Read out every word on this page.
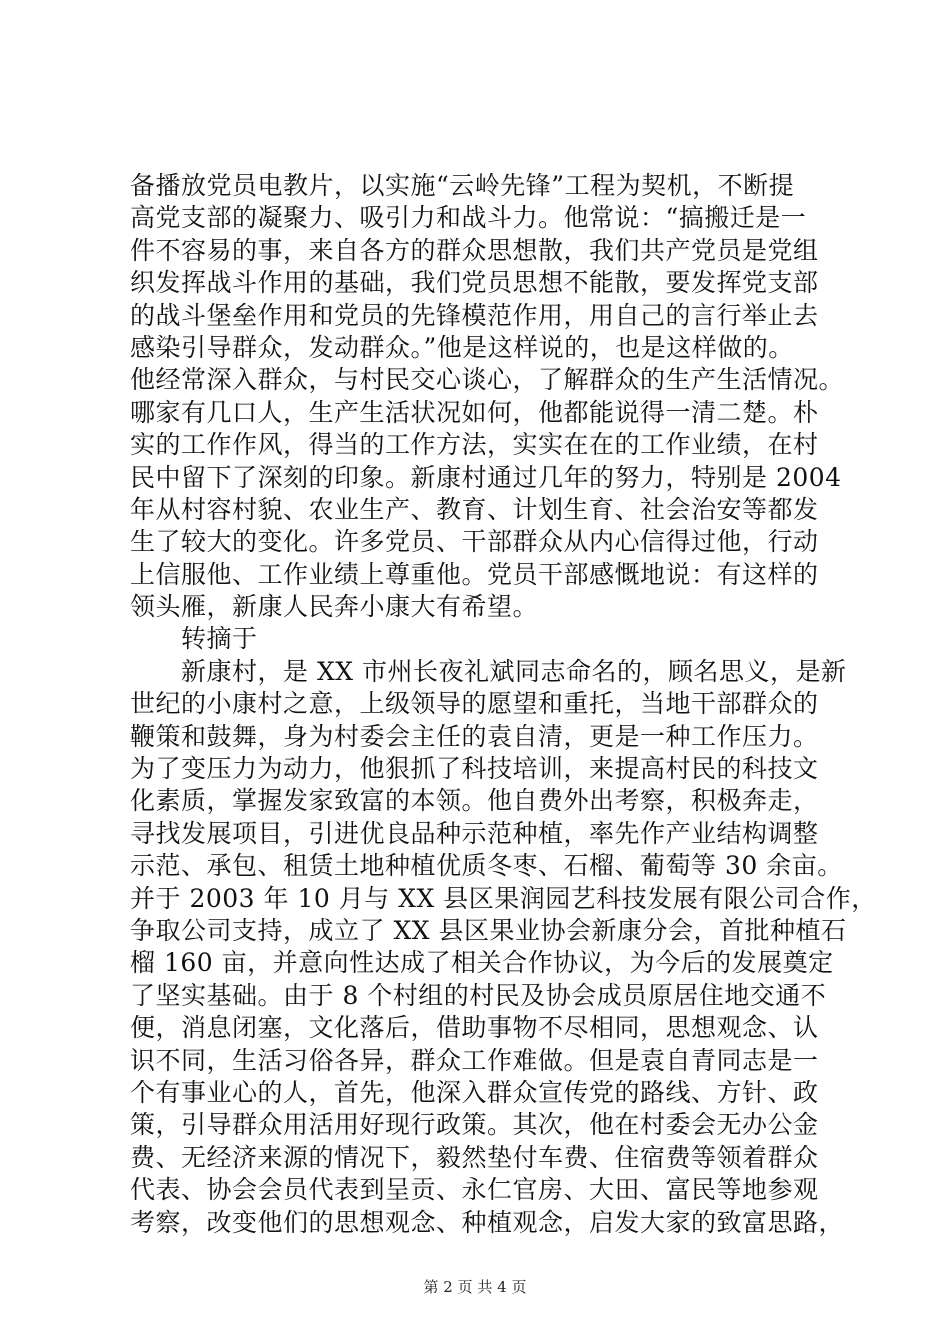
备播放党员电教片，以实施“云岭先锋”工程为契机，不断提
高党支部的凝聚力、吸引力和战斗力。他常说：“搞搬迁是一
件不容易的事，来自各方的群众思想散，我们共产党员是党组
织发挥战斗作用的基础，我们党员思想不能散，要发挥党支部
的战斗堡垒作用和党员的先锋模范作用，用自己的言行举止去
感染引导群众，发动群众。”他是这样说的，也是这样做的。
他经常深入群众，与村民交心谈心，了解群众的生产生活情况。
哪家有几口人，生产生活状况如何，他都能说得一清二楚。朴
实的工作作风，得当的工作方法，实实在在的工作业绩，在村
民中留下了深刻的印象。新康村通过几年的努力，特别是 2004
年从村容村貌、农业生产、教育、计划生育、社会治安等都发
生了较大的变化。许多党员、干部群众从内心信得过他，行动
上信服他、工作业绩上尊重他。党员干部感慨地说：有这样的
领头雁，新康人民奔小康大有希望。
　　转摘于
　　新康村，是 XX 市州长夜礼斌同志命名的，顾名思义，是新
世纪的小康村之意，上级领导的愿望和重托，当地干部群众的
鞭策和鼓舞，身为村委会主任的袁自清，更是一种工作压力。
为了变压力为动力，他狠抓了科技培训，来提高村民的科技文
化素质，掌握发家致富的本领。他自费外出考察，积极奔走，
寻找发展项目，引进优良品种示范种植，率先作产业结构调整
示范、承包、租赁土地种植优质冬枣、石榴、葡萄等 30 余亩。
并于 2003 年 10 月与 XX 县区果润园艺科技发展有限公司合作，
争取公司支持，成立了 XX 县区果业协会新康分会，首批种植石
榴 160 亩，并意向性达成了相关合作协议，为今后的发展奠定
了坚实基础。由于 8 个村组的村民及协会成员原居住地交通不
便，消息闭塞，文化落后，借助事物不尽相同，思想观念、认
识不同，生活习俗各异，群众工作难做。但是袁自青同志是一
个有事业心的人，首先，他深入群众宣传党的路线、方针、政
策，引导群众用活用好现行政策。其次，他在村委会无办公金
费、无经济来源的情况下，毅然垫付车费、住宿费等领着群众
代表、协会会员代表到呈贡、永仁官房、大田、富民等地参观
考察，改变他们的思想观念、种植观念，启发大家的致富思路，
第 2 页 共 4 页
